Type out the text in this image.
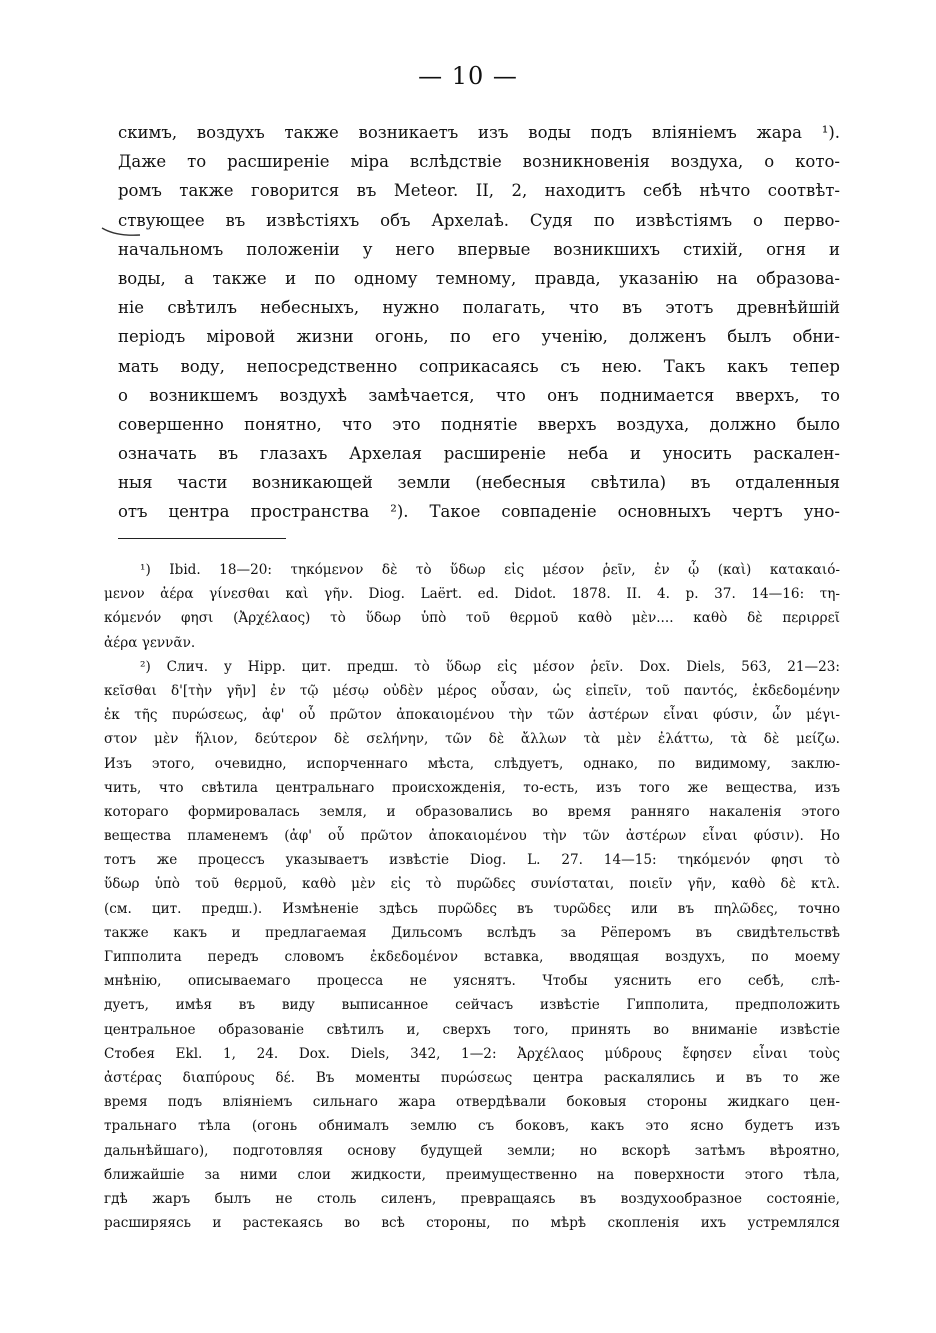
— 10 —
скимъ, воздухъ также возникаетъ изъ воды подъ вліяніемъ жара ¹).
Даже то расширеніе міра вслѣдствіе возникновенія воздуха, о кото-
ромъ также говорится въ Meteor. II, 2, находитъ себѣ нѣчто соотвѣт-
ствующее въ извѣстіяхъ объ Архелаѣ. Судя по извѣстіямъ о перво-
начальномъ положеніи у него впервые возникшихъ стихій, огня и
воды, а также и по одному темному, правда, указанію на образова-
ніе свѣтилъ небесныхъ, нужно полагать, что въ этотъ древнѣйшій
періодъ міровой жизни огонь, по его ученію, долженъ былъ обни-
мать воду, непосредственно соприкасаясь съ нею. Такъ какъ тепер
о возникшемъ воздухѣ замѣчается, что онъ поднимается вверхъ, то
совершенно понятно, что это поднятіе вверхъ воздуха, должно было
означать въ глазахъ Архелая расширеніе неба и уносить раскален-
ныя части возникающей земли (небесныя свѣтила) въ отдаленныя
отъ центра пространства ²). Такое совпаденіе основныхъ чертъ уно-
¹) Ibid. 18—20: τηκόμενον δὲ τὸ ὕδωρ εἰς μέσον ῥεῖν, ἐν ᾧ (καὶ) κατακαιό-
μενον ἀέρα γίνεσθαι καὶ γῆν. Diog. Laërt. ed. Didot. 1878. II. 4. p. 37. 14—16: τη-
κόμενόν φησι (Ἀρχέλαος) τὸ ὕδωρ ὑπὸ τοῦ θερμοῦ καθὸ μὲν.... καθὸ δὲ περιρρεῖ
ἀέρα γεννᾶν.
²) Слич. у Hipp. цит. предш. τὸ ὕδωρ εἰς μέσον ῥεῖν. Dox. Diels, 563, 21—23:
κεῖσθαι δ'[τὴν γῆν] ἐν τῷ μέσῳ οὐδὲν μέρος οὖσαν, ὡς εἰπεῖν, τοῦ παντός, ἐκδεδομένην
ἐκ τῆς πυρώσεως, ἀφ' οὗ πρῶτον ἀποκαιομένου τὴν τῶν ἀστέρων εἶναι φύσιν, ὧν μέγι-
στον μὲν ἥλιον, δεύτερον δὲ σελήνην, τῶν δὲ ἄλλων τὰ μὲν ἐλάττω, τὰ δὲ μείζω.
Изъ этого, очевидно, испорченнаго мѣста, слѣдуетъ, однако, по видимому, заклю-
чить, что свѣтила центральнаго происхожденія, то-есть, изъ того же вещества, изъ
котораго формировалась земля, и образовались во время ранняго накаленія этого
вещества пламенемъ (ἀφ' οὗ πρῶτον ἀποκαιομένου τὴν τῶν ἀστέρων εἶναι φύσιν). Но
тотъ же процессъ указываетъ извѣстіе Diog. L. 27. 14—15: τηκόμενόν φησι τὸ
ὕδωρ ὑπὸ τοῦ θερμοῦ, καθὸ μὲν εἰς τὸ πυρῶδες συνίσταται, ποιεῖν γῆν, καθὸ δὲ κτλ.
(см. цит. предш.). Измѣненіе здѣсь πυρῶδες въ τυρῶδες или въ πηλῶδες, точно
также какъ и предлагаемая Дильсомъ вслѣдъ за Рёперомъ въ свидѣтельствѣ
Гипполита передъ словомъ ἐκδεδομένον вставка, вводящая воздухъ, по моему
мнѣнію, описываемаго процесса не уяснятъ. Чтобы уяснить его себѣ, слѣ-
дуетъ, имѣя въ виду выписанное сейчасъ извѣстіе Гипполита, предположить
центральное образованіе свѣтилъ и, сверхъ того, принять во вниманіе извѣстіе
Стобея Ekl. 1, 24. Dox. Diels, 342, 1—2: Ἀρχέλαος μύδρους ἔφησεν εἶναι τοὺς
ἀστέρας διαπύρους δέ. Въ моменты πυρώσεως центра раскалялись и въ то же
время подъ вліяніемъ сильнаго жара отвердѣвали боковыя стороны жидкаго цен-
тральнаго тѣла (огонь обнималъ землю съ боковъ, какъ это ясно будетъ изъ
дальнѣйшаго), подготовляя основу будущей земли; но вскорѣ затѣмъ вѣроятно,
ближайшіе за ними слои жидкости, преимущественно на поверхности этого тѣла,
гдѣ жаръ былъ не столь силенъ, превращаясь въ воздухообразное состояніе,
расширяясь и растекаясь во всѣ стороны, по мѣрѣ скопленія ихъ устремлялся
